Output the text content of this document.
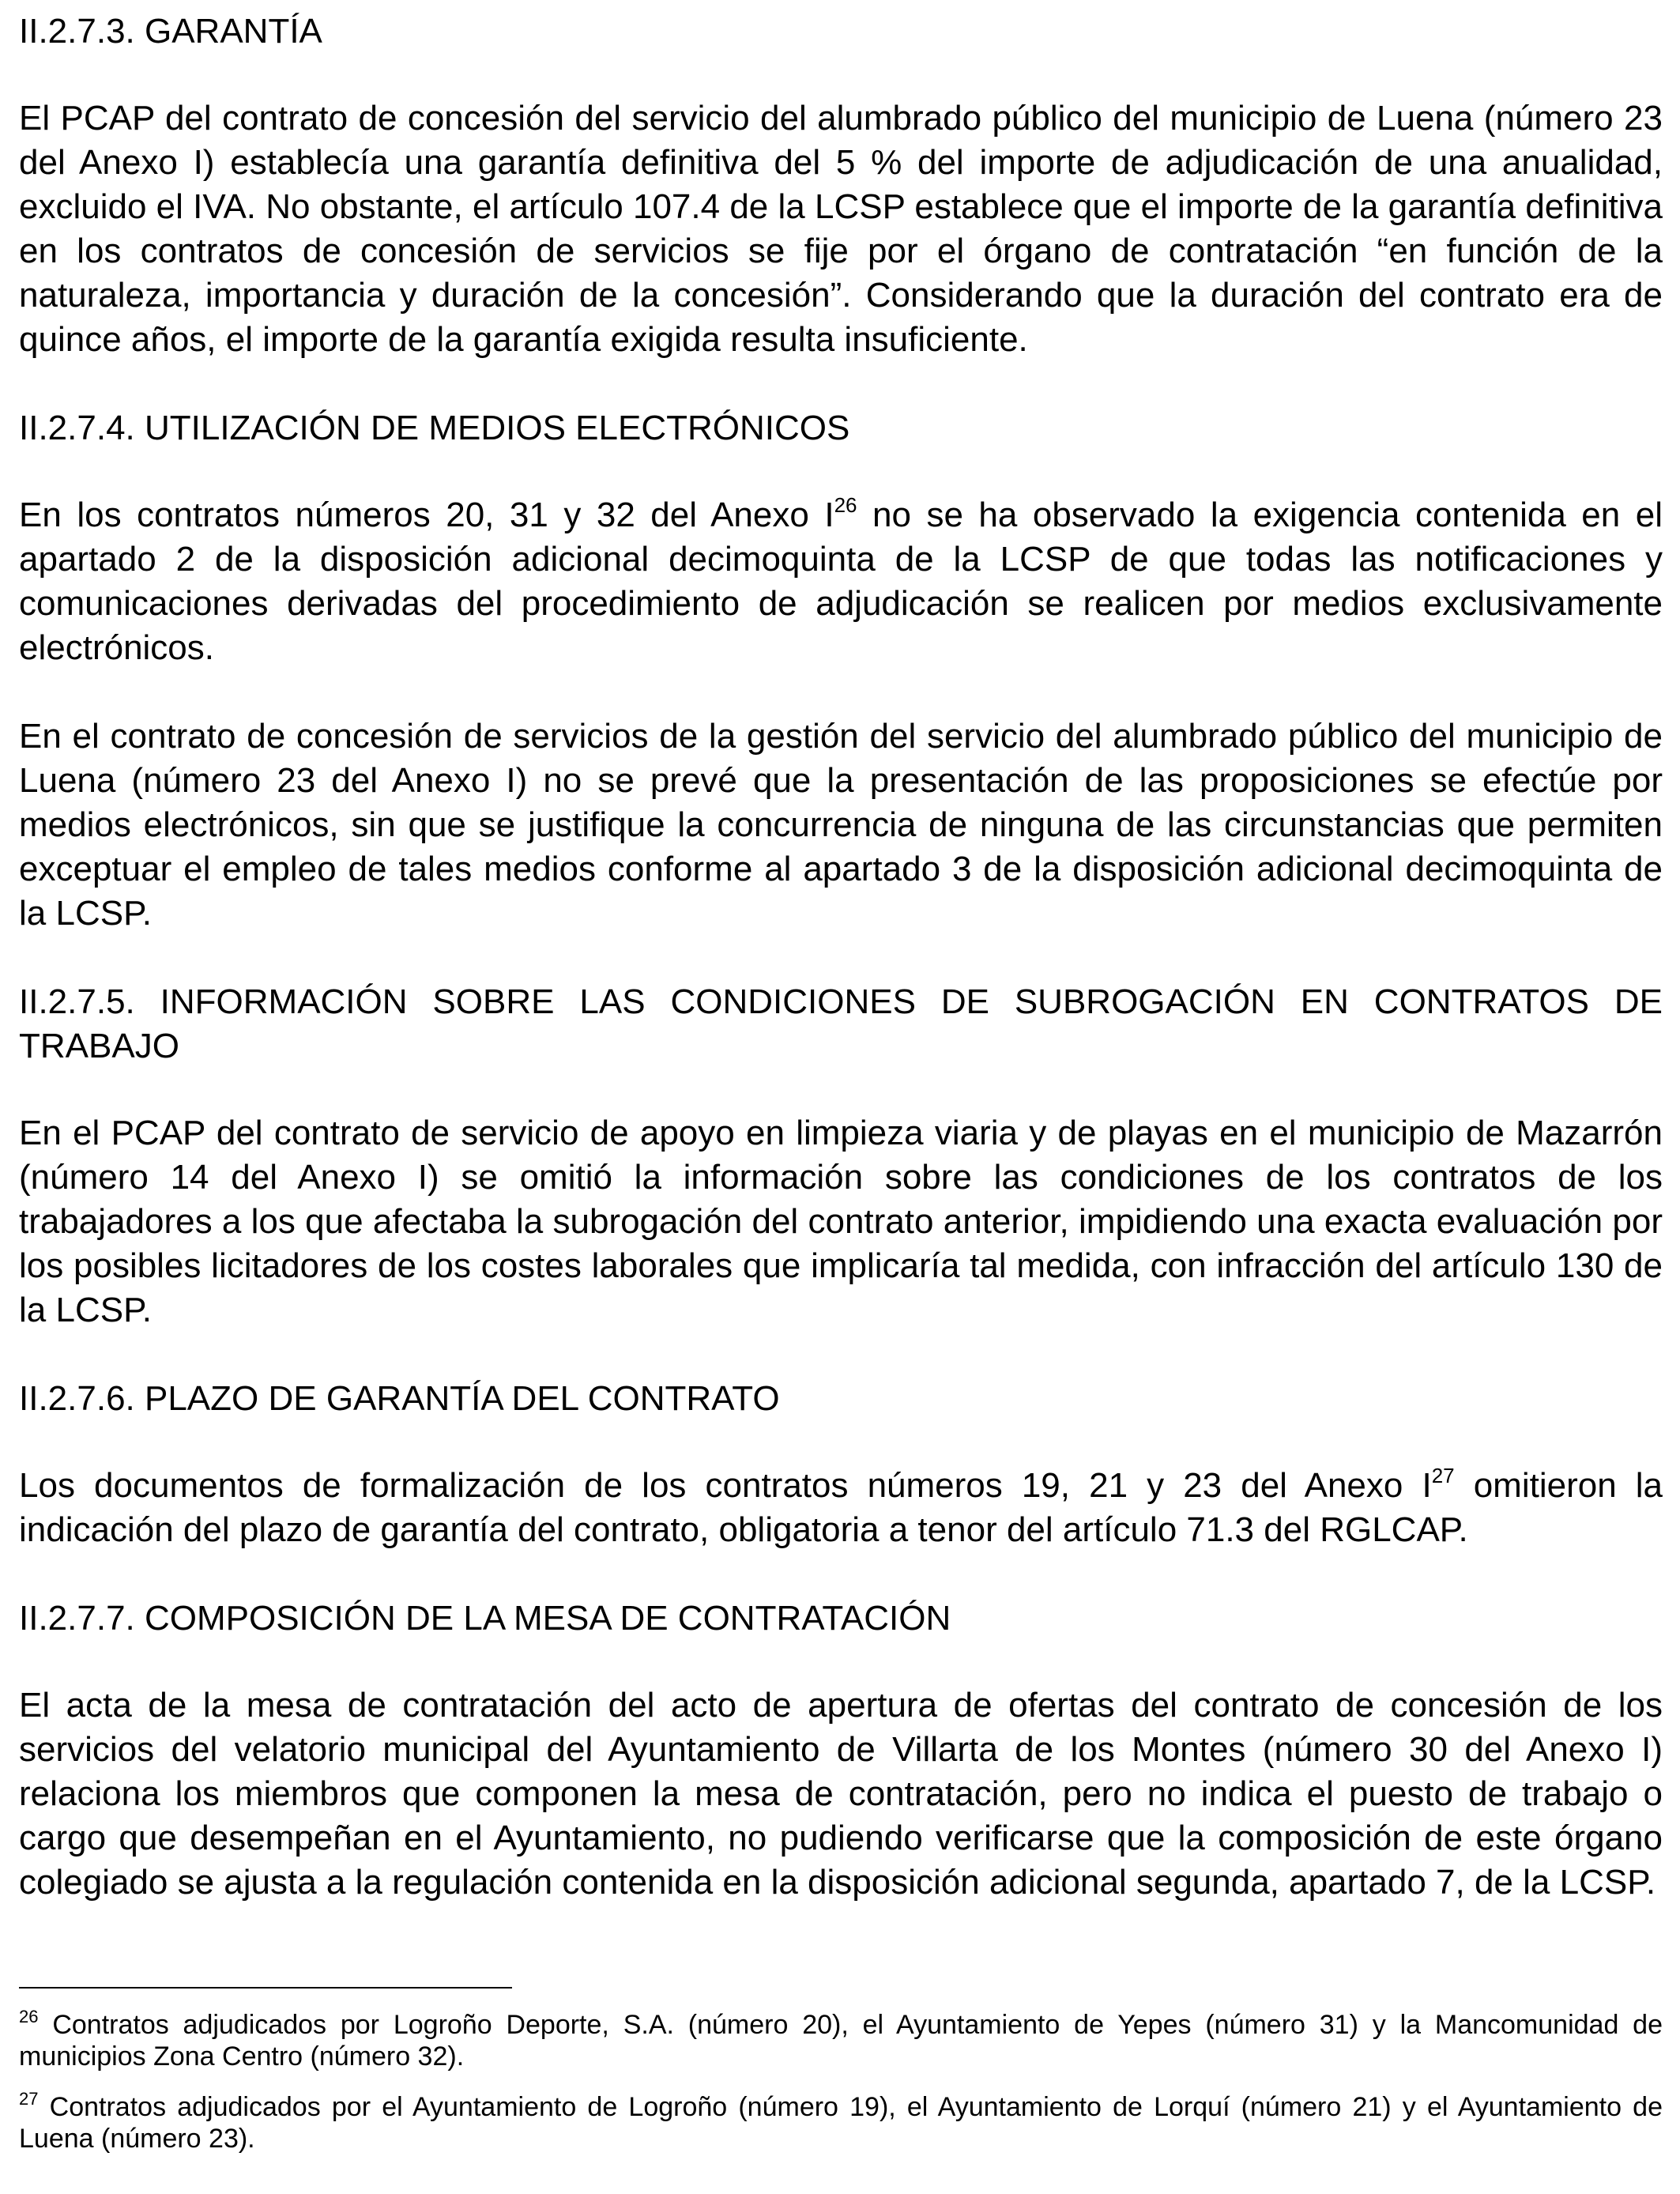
II.2.7.3. GARANTÍA

El PCAP del contrato de concesión del servicio del alumbrado público del municipio de Luena (número 23 del Anexo I) establecía una garantía definitiva del 5 % del importe de adjudicación de una anualidad, excluido el IVA. No obstante, el artículo 107.4 de la LCSP establece que el importe de la garantía definitiva en los contratos de concesión de servicios se fije por el órgano de contratación “en función de la naturaleza, importancia y duración de la concesión”. Considerando que la duración del contrato era de quince años, el importe de la garantía exigida resulta insuficiente.

II.2.7.4. UTILIZACIÓN DE MEDIOS ELECTRÓNICOS

En los contratos números 20, 31 y 32 del Anexo $I^{26}$ no se ha observado la exigencia contenida en el apartado 2 de la disposición adicional decimoquinta de la LCSP de que todas las notificaciones y comunicaciones derivadas del procedimiento de adjudicación se realicen por medios exclusivamente electrónicos.

En el contrato de concesión de servicios de la gestión del servicio del alumbrado público del municipio de Luena (número 23 del Anexo I) no se prevé que la presentación de las proposiciones se efectúe por medios electrónicos, sin que se justifique la concurrencia de ninguna de las circunstancias que permiten exceptuar el empleo de tales medios conforme al apartado 3 de la disposición adicional decimoquinta de la LCSP.

II.2.7.5. INFORMACIÓN SOBRE LAS CONDICIONES DE SUBROGACIÓN EN CONTRATOS DE TRABAJO

En el PCAP del contrato de servicio de apoyo en limpieza viaria y de playas en el municipio de Mazarrón (número 14 del Anexo I) se omitió la información sobre las condiciones de los contratos de los trabajadores a los que afectaba la subrogación del contrato anterior, impidiendo una exacta evaluación por los posibles licitadores de los costes laborales que implicaría tal medida, con infracción del artículo 130 de la LCSP.

II.2.7.6. PLAZO DE GARANTÍA DEL CONTRATO

Los documentos de formalización de los contratos números 19, 21 y 23 del Anexo $I^{27}$ omitieron la indicación del plazo de garantía del contrato, obligatoria a tenor del artículo 71.3 del RGLCAP.

II.2.7.7. COMPOSICIÓN DE LA MESA DE CONTRATACIÓN

El acta de la mesa de contratación del acto de apertura de ofertas del contrato de concesión de los servicios del velatorio municipal del Ayuntamiento de Villarta de los Montes (número 30 del Anexo I) relaciona los miembros que componen la mesa de contratación, pero no indica el puesto de trabajo o cargo que desempeñan en el Ayuntamiento, no pudiendo verificarse que la composición de este órgano colegiado se ajusta a la regulación contenida en la disposición adicional segunda, apartado 7, de la LCSP.

$^{26}$ Contratos adjudicados por Logroño Deporte, S.A. (número 20), el Ayuntamiento de Yepes (número 31) y la Mancomunidad de municipios Zona Centro (número 32).

$^{27}$ Contratos adjudicados por el Ayuntamiento de Logroño (número 19), el Ayuntamiento de Lorquí (número 21) y el Ayuntamiento de Luena (número 23).
